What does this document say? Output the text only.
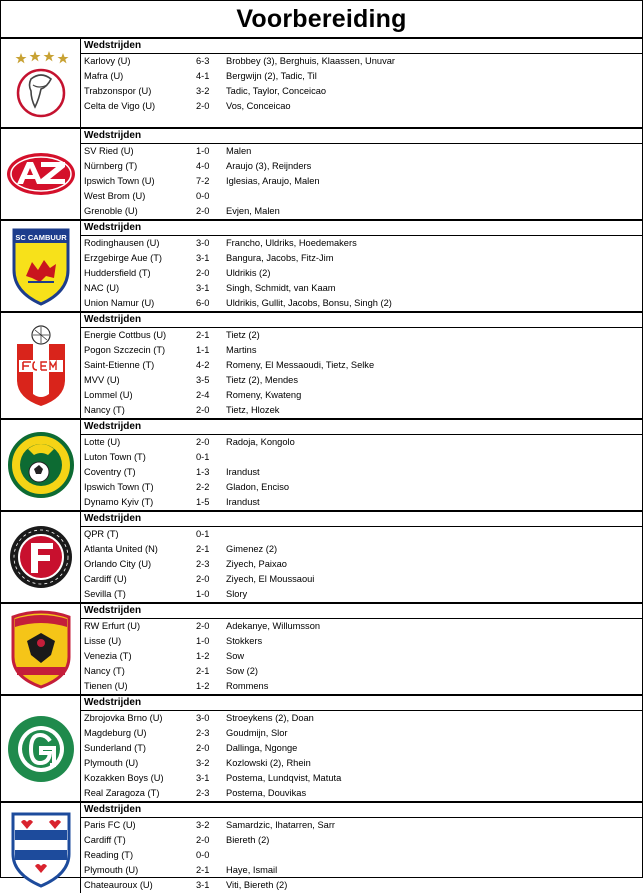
Voorbereiding
Wedstrijden
Karlovy (U)	6-3 Brobbey (3), Berghuis, Klaassen, Unuvar
Mafra (U)	4-1 Bergwijn (2), Tadic, Til
Trabzonspor (U)	3-2 Tadic, Taylor, Conceicao
Celta de Vigo (U)	2-0 Vos, Conceicao
Wedstrijden
SV Ried (U)	1-0 Malen
Nürnberg (T)	4-0 Araujo (3), Reijnders
Ipswich Town (U)	7-2 Iglesias, Araujo, Malen
West Brom (U)	0-0
Grenoble (U)	2-0 Evjen, Malen
SC CAMBUUR
Wedstrijden
Rodinghausen (U)	3-0 Francho, Uldriks, Hoedemakers
Erzgebirge Aue (T)	3-1 Bangura, Jacobs, Fitz-Jim
Huddersfield (T)	2-0 Uldrikis (2)
NAC (U)	3-1 Singh, Schmidt, van Kaam
Union Namur (U)	6-0 Uldrikis, Gullit, Jacobs, Bonsu, Singh (2)
Wedstrijden
Energie Cottbus (U)	2-1 Tietz (2)
Pogon Szczecin (T)	1-1 Martins
Saint-Etienne (T)	4-2 Romeny, El Messaoudi, Tietz, Selke
MVV (U)	3-5 Tietz (2), Mendes
Lommel (U)	2-4 Romeny, Kwateng
Nancy (T)	2-0 Tietz, Hlozek
Wedstrijden
Lotte (U)	2-0 Radoja, Kongolo
Luton Town (T)	0-1
Coventry (T)	1-3 Irandust
Ipswich Town (T)	2-2 Gladon, Enciso
Dynamo Kyiv (T)	1-5 Irandust
Wedstrijden
QPR (T)	0-1
Atlanta United (N)	2-1 Gimenez (2)
Orlando City (U)	2-3 Ziyech, Paixao
Cardiff (U)	2-0 Ziyech, El Moussaoui
Sevilla (T)	1-0 Slory
Wedstrijden
RW Erfurt (U)	2-0 Adekanye, Willumsson
Lisse (U)	1-0 Stokkers
Venezia (T)	1-2 Sow
Nancy (T)	2-1 Sow (2)
Tienen (U)	1-2 Rommens
Wedstrijden
Zbrojovka Brno (U)	3-0 Stroeykens (2), Doan
Magdeburg (U)	2-3 Goudmijn, Slor
Sunderland (T)	2-0 Dallinga, Ngonge
Plymouth (U)	3-2 Kozlowski (2), Rhein
Kozakken Boys (U)	3-1 Postema, Lundqvist, Matuta
Real Zaragoza (T)	2-3 Postema, Douvikas
Wedstrijden
Paris FC (U)	3-2 Samardzic, Ihatarren, Sarr
Cardiff (T)	2-0 Biereth (2)
Reading (T)	0-0
Plymouth (U)	2-1 Haye, Ismail
Chateauroux (U)	3-1 Viti, Biereth (2)
